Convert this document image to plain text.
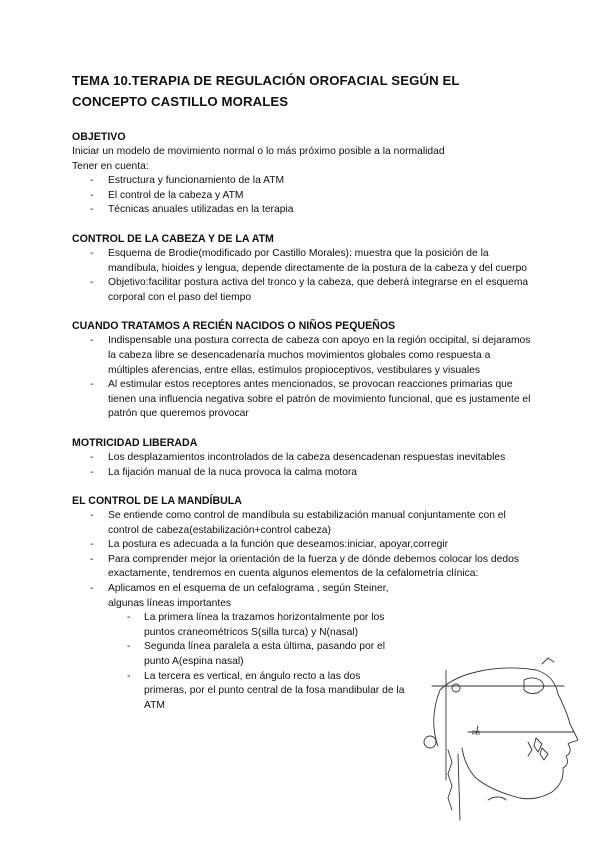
TEMA 10.TERAPIA DE REGULACIÓN OROFACIAL SEGÚN EL CONCEPTO CASTILLO MORALES

OBJETIVO

Iniciar un modelo de movimiento normal o lo más próximo posible a la normalidad

Tener en cuenta:

- Estructura y funcionamiento de la ATM
- El control de la cabeza y ATM
- Técnicas anuales utilizadas en la terapia

CONTROL DE LA CABEZA Y DE LA ATM

- Esquema de Brodie(modificado por Castillo Morales): muestra que la posición de la mandíbula, hioides y lengua, depende directamente de la postura de la cabeza y del cuerpo
- Objetivo:facilitar postura activa del tronco y la cabeza, que deberá integrarse en el esquema corporal con el paso del tiempo

CUANDO TRATAMOS A RECIÉN NACIDOS O NIÑOS PEQUEÑOS

- Indispensable una postura correcta de cabeza con apoyo en la región occipital, si dejaramos la cabeza libre se desencadenaría muchos movimientos globales como respuesta a múltiples aferencias, entre ellas, estímulos propioceptivos, vestibulares y visuales
- Al estimular estos receptores antes mencionados, se provocan reacciones primarias que tienen una influencia negativa sobre el patrón de movimiento funcional, que es justamente el patrón que queremos provocar

MOTRICIDAD LIBERADA

- Los desplazamientos incontrolados de la cabeza desencadenan respuestas inevitables
- La fijación manual de la nuca provoca la calma motora

EL CONTROL DE LA MANDÍBULA

- Se entiende como control de mandíbula su estabilización manual conjuntamente con el control de cabeza(estabilización+control cabeza)
- La postura es adecuada a la función que deseamos:iniciar, apoyar,corregir
- Para comprender mejor la orientación de la fuerza y de dónde debemos colocar los dedos exactamente, tendremos en cuenta algunos elementos de la cefalometría clínica:
- Aplicamos en el esquema de un cefalograma , según Steiner, algunas líneas importantes
- La primera línea la trazamos horizontalmente por los puntos craneométricos S(silla turca) y N(nasal)
- Segunda línea paralela a esta última, pasando por el punto A(espina nasal)
- La tercera es vertical, en ángulo recto a las dos primeras, por el punto central de la fosa mandibular de la ATM
PS
